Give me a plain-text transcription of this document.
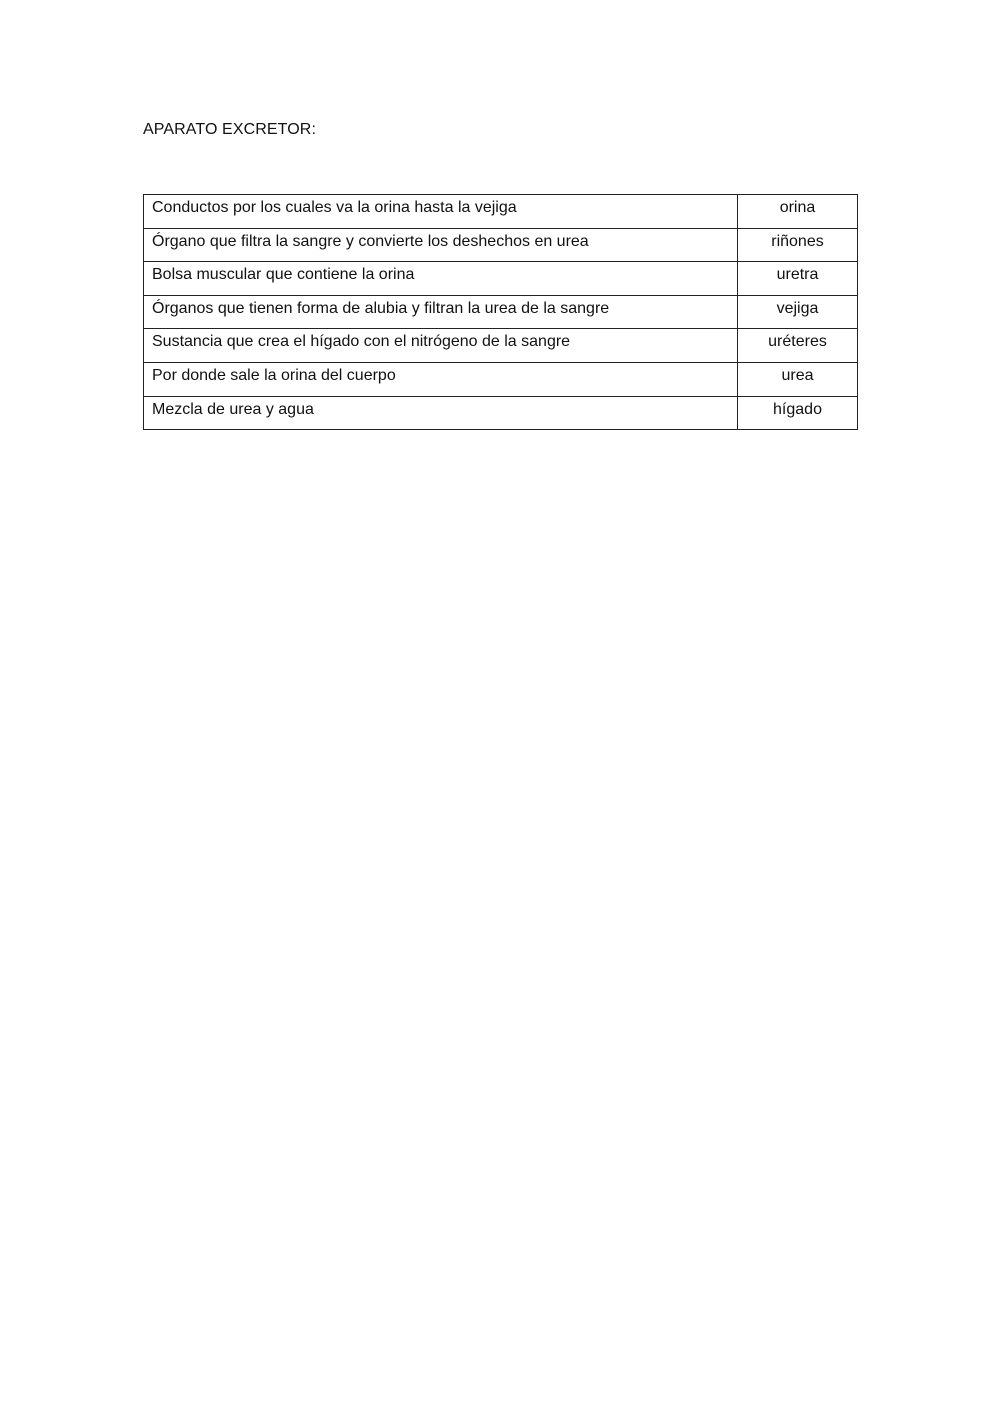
APARATO EXCRETOR:
Conductos por los cuales va la orina hasta la vejiga	orina
Órgano que filtra la sangre y convierte los deshechos en urea	riñones
Bolsa muscular que contiene la orina	uretra
Órganos que tienen forma de alubia y filtran la urea de la sangre	vejiga
Sustancia que crea el hígado con el nitrógeno de la sangre	uréteres
Por donde sale la orina del cuerpo	urea
Mezcla de urea y agua	hígado
